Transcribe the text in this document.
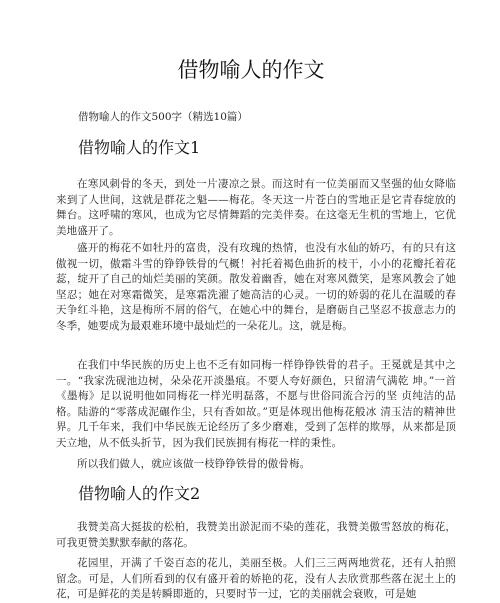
借物喻人的作文

借物喻人的作文500字（精选10篇）

借物喻人的作文1

在寒风刺骨的冬天，到处一片凄凉之景。而这时有一位美丽而又坚强的仙女降临来到了人世间，这就是群花之魁——梅花。冬天这一片苍白的雪地正是它青春绽放的舞台。这呼啸的寒风，也成为它尽情舞蹈的完美伴奏。在这毫无生机的雪地上，它优美地盛开了。

盛开的梅花不如牡丹的富贵，没有玫瑰的热情，也没有水仙的娇巧，有的只有这傲视一切，傲霜斗雪的铮铮铁骨的气概！衬托着褐色曲折的枝干，小小的花瓣托着花蕊，绽开了自己的灿烂美丽的笑颜。散发着幽香，她在对寒风微笑，是寒风教会了她坚忍；她在对寒霜微笑，是寒霜洗濯了她高洁的心灵。一切的娇弱的花儿在温暖的春天争红斗艳，这是梅所不屑的俗气，在她心中的舞台，是磨砺自己坚忍不拔意志力的冬季，她要成为最艰难环境中最灿烂的一朵花儿。这，就是梅。

在我们中华民族的历史上也不乏有如同梅一样铮铮铁骨的君子。王冕就是其中之一。“我家洗砚池边树，朵朵花开淡墨痕。不要人夸好颜色，只留清气满乾 坤。”一首《墨梅》足以说明他如同梅花一样光明磊落，不愿与世俗同流合污的坚 贞纯洁的品格。陆游的“零落成泥碾作尘，只有香如故。”更是体现出他梅花般冰 清玉洁的精神世界。几千年来，我们中华民族无论经历了多少磨难，受到了怎样的欺辱，从来都是顶天立地，从不低头折节，因为我们民族拥有梅花一样的秉性。

所以我们做人，就应该做一枝铮铮铁骨的傲骨梅。

借物喻人的作文2

我赞美高大挺拔的松柏，我赞美出淤泥而不染的莲花，我赞美傲雪怒放的梅花，可我更赞美默默奉献的落花。

花园里，开满了千姿百态的花儿，美丽至极。人们三三两两地赏花，还有人拍照留念。可是，人们所看到的仅有盛开着的娇艳的花，没有人去欣赏那些落在泥土上的花，可是鲜花的美是转瞬即逝的，只要时节一过，它的美丽就会衰败，可是她
